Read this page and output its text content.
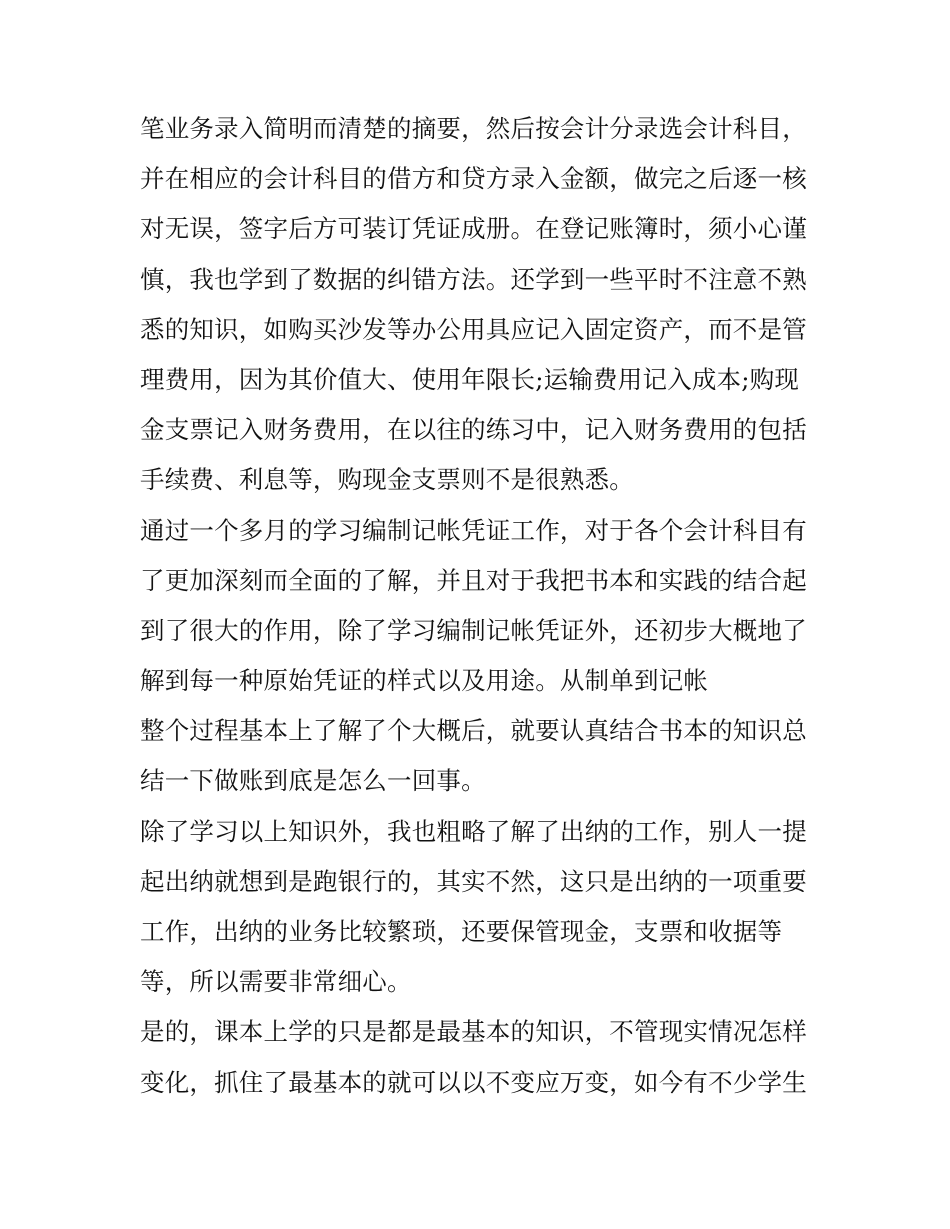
笔业务录入简明而清楚的摘要，然后按会计分录选会计科目，
并在相应的会计科目的借方和贷方录入金额，做完之后逐一核
对无误，签字后方可装订凭证成册。在登记账簿时，须小心谨
慎，我也学到了数据的纠错方法。还学到一些平时不注意不熟
悉的知识，如购买沙发等办公用具应记入固定资产，而不是管
理费用，因为其价值大、使用年限长;运输费用记入成本;购现
金支票记入财务费用，在以往的练习中，记入财务费用的包括
手续费、利息等，购现金支票则不是很熟悉。
通过一个多月的学习编制记帐凭证工作，对于各个会计科目有
了更加深刻而全面的了解，并且对于我把书本和实践的结合起
到了很大的作用，除了学习编制记帐凭证外，还初步大概地了
解到每一种原始凭证的样式以及用途。从制单到记帐
整个过程基本上了解了个大概后，就要认真结合书本的知识总
结一下做账到底是怎么一回事。
除了学习以上知识外，我也粗略了解了出纳的工作，别人一提
起出纳就想到是跑银行的，其实不然，这只是出纳的一项重要
工作，出纳的业务比较繁琐，还要保管现金，支票和收据等
等，所以需要非常细心。
是的，课本上学的只是都是最基本的知识，不管现实情况怎样
变化，抓住了最基本的就可以以不变应万变，如今有不少学生
